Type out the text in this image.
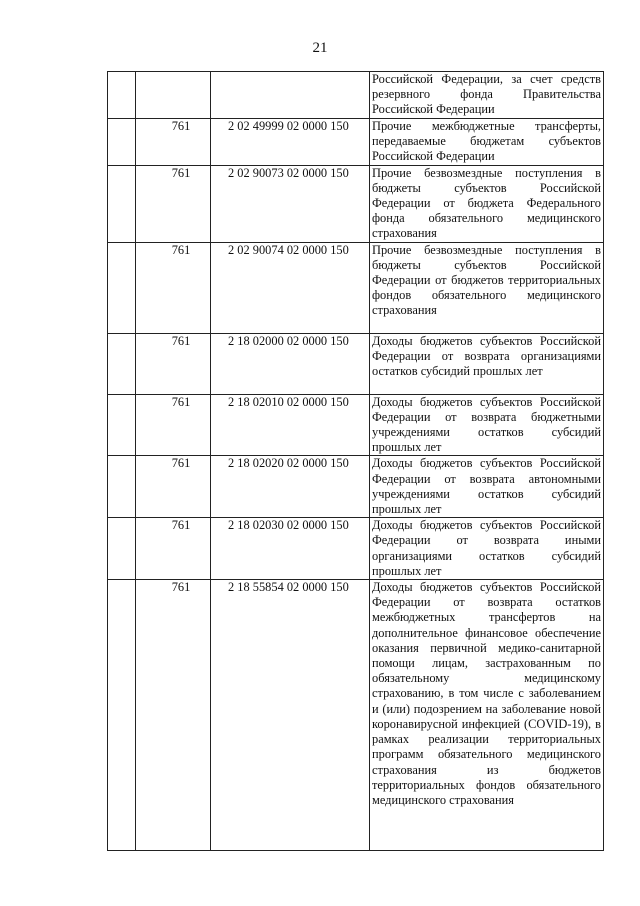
21
			Российской Федерации, за счет средств резервного фонда Правительства Российской Федерации
	761	2 02 49999 02 0000 150	Прочие межбюджетные трансферты, передаваемые бюджетам субъектов Российской Федерации
	761	2 02 90073 02 0000 150	Прочие безвозмездные поступления в бюджеты субъектов Российской Федерации от бюджета Федерального фонда обязательного медицинского страхования
	761	2 02 90074 02 0000 150	Прочие безвозмездные поступления в бюджеты субъектов Российской Федерации от бюджетов территориальных фондов обязательного медицинского страхования
	761	2 18 02000 02 0000 150	Доходы бюджетов субъектов Российской Федерации от возврата организациями остатков субсидий прошлых лет
	761	2 18 02010 02 0000 150	Доходы бюджетов субъектов Российской Федерации от возврата бюджетными учреждениями остатков субсидий прошлых лет
	761	2 18 02020 02 0000 150	Доходы бюджетов субъектов Российской Федерации от возврата автономными учреждениями остатков субсидий прошлых лет
	761	2 18 02030 02 0000 150	Доходы бюджетов субъектов Российской Федерации от возврата иными организациями остатков субсидий прошлых лет
	761	2 18 55854 02 0000 150	Доходы бюджетов субъектов Российской Федерации от возврата остатков межбюджетных трансфертов на дополнительное финансовое обеспечение оказания первичной медико-санитарной помощи лицам, застрахованным по обязательному медицинскому страхованию, в том числе с заболеванием и (или) подозрением на заболевание новой коронавирусной инфекцией (COVID-19), в рамках реализации территориальных программ обязательного медицинского страхования из бюджетов территориальных фондов обязательного медицинского страхования
